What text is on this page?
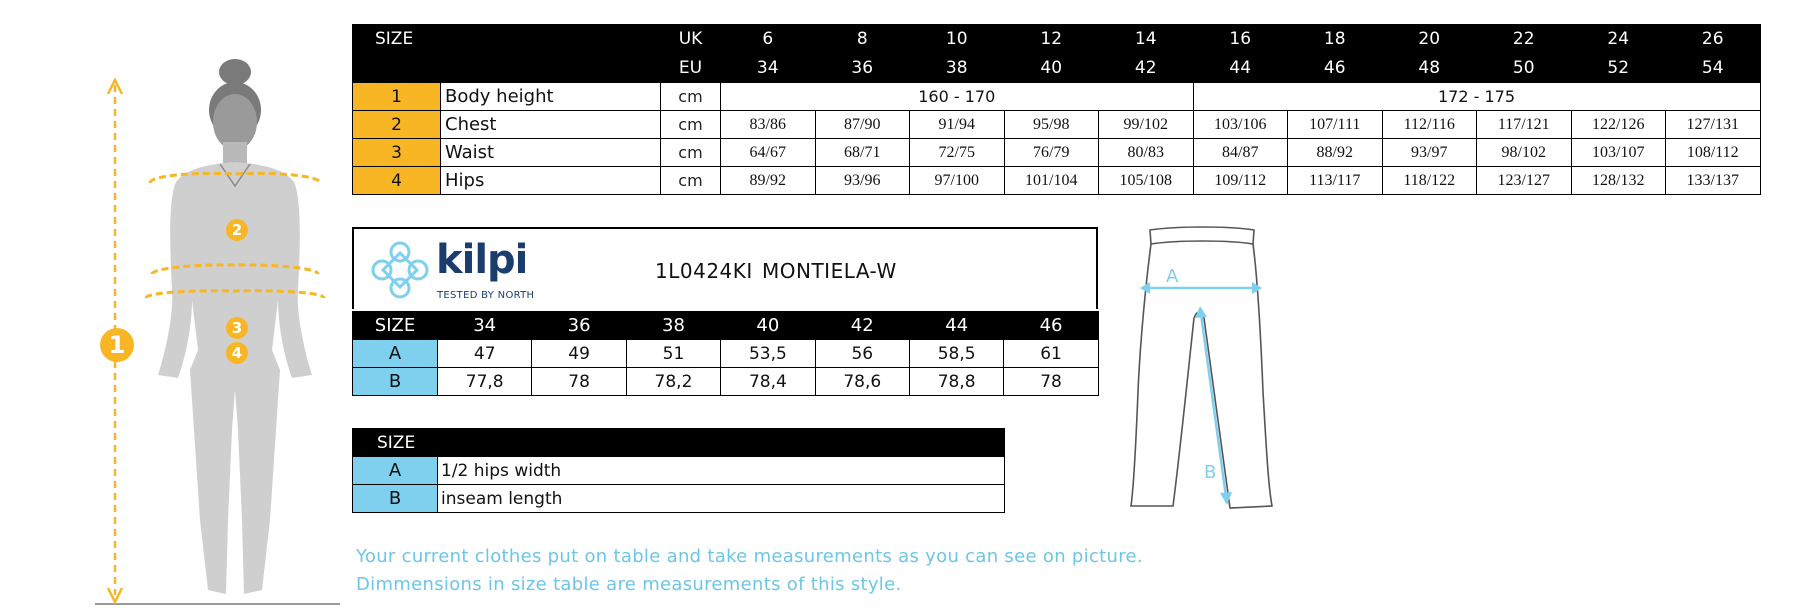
1
2
3
4
SIZE		UK	6	8	10	12	14	16	18	20	22	24	26
		EU	34	36	38	40	42	44	46	48	50	52	54
1	Body height	cm	160 - 170					172 - 175					
2	Chest	cm	83/86	87/90	91/94	95/98	99/102	103/106	107/111	112/116	117/121	122/126	127/131
3	Waist	cm	64/67	68/71	72/75	76/79	80/83	84/87	88/92	93/97	98/102	103/107	108/112
4	Hips	cm	89/92	93/96	97/100	101/104	105/108	109/112	113/117	118/122	123/127	128/132	133/137
kilpi
TESTED BY NORTH
1L0424KI MONTIELA-W
SIZE	34	36	38	40	42	44	46
A	47	49	51	53,5	56	58,5	61
B	77,8	78	78,2	78,4	78,6	78,8	78
SIZE	
A	1/2 hips width
B	inseam length
A
B
Your current clothes put on table and take measurements as you can see on picture.
Dimmensions in size table are measurements of this style.
